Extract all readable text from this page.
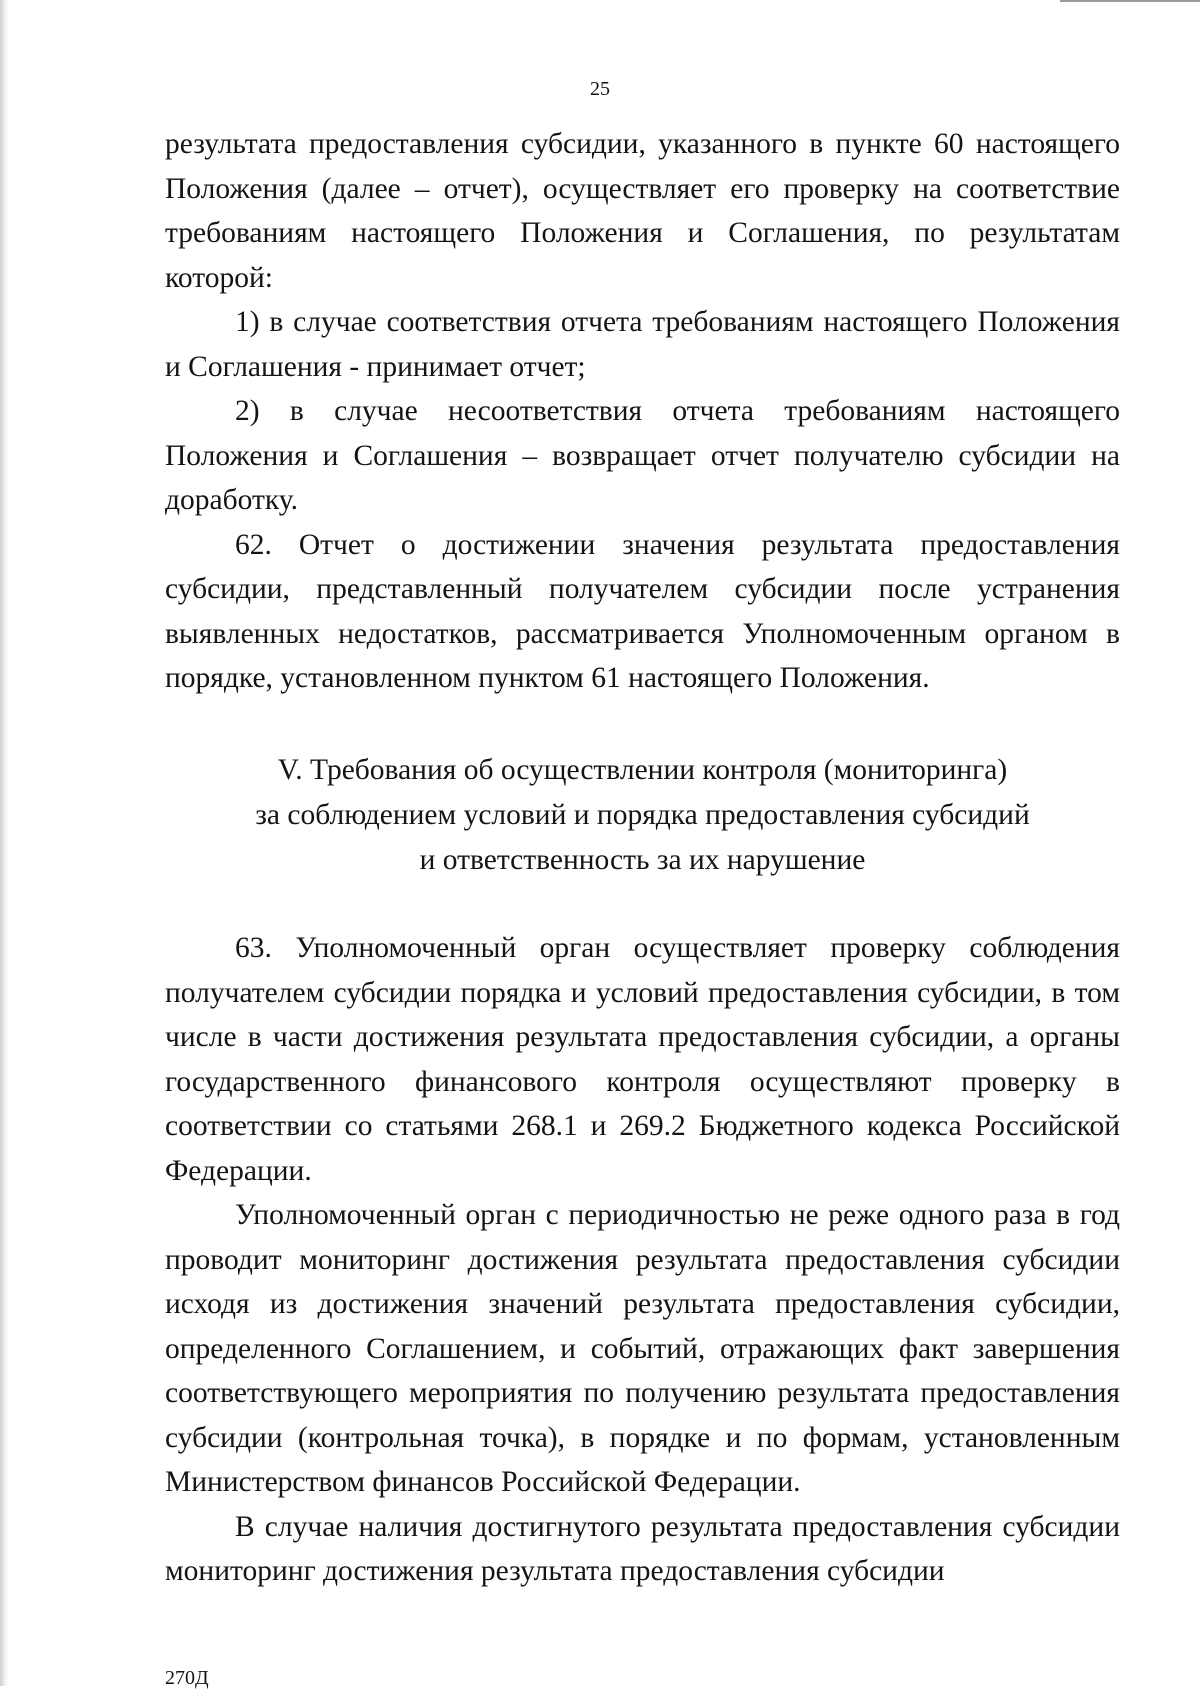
25

результата предоставления субсидии, указанного в пункте 60 настоящего Положения (далее – отчет), осуществляет его проверку на соответствие требованиям настоящего Положения и Соглашения, по результатам которой:

1) в случае соответствия отчета требованиям настоящего Положения и Соглашения - принимает отчет;

2) в случае несоответствия отчета требованиям настоящего Положения и Соглашения – возвращает отчет получателю субсидии на доработку.

62. Отчет о достижении значения результата предоставления субсидии, представленный получателем субсидии после устранения выявленных недостатков, рассматривается Уполномоченным органом в порядке, установленном пунктом 61 настоящего Положения.

V. Требования об осуществлении контроля (мониторинга)
за соблюдением условий и порядка предоставления субсидий
и ответственность за их нарушение

63. Уполномоченный орган осуществляет проверку соблюдения получателем субсидии порядка и условий предоставления субсидии, в том числе в части достижения результата предоставления субсидии, а органы государственного финансового контроля осуществляют проверку в соответствии со статьями 268.1 и 269.2 Бюджетного кодекса Российской Федерации.

Уполномоченный орган с периодичностью не реже одного раза в год проводит мониторинг достижения результата предоставления субсидии исходя из достижения значений результата предоставления субсидии, определенного Соглашением, и событий, отражающих факт завершения соответствующего мероприятия по получению результата предоставления субсидии (контрольная точка), в порядке и по формам, установленным Министерством финансов Российской Федерации.

В случае наличия достигнутого результата предоставления субсидии мониторинг достижения результата предоставления субсидии

270Д
